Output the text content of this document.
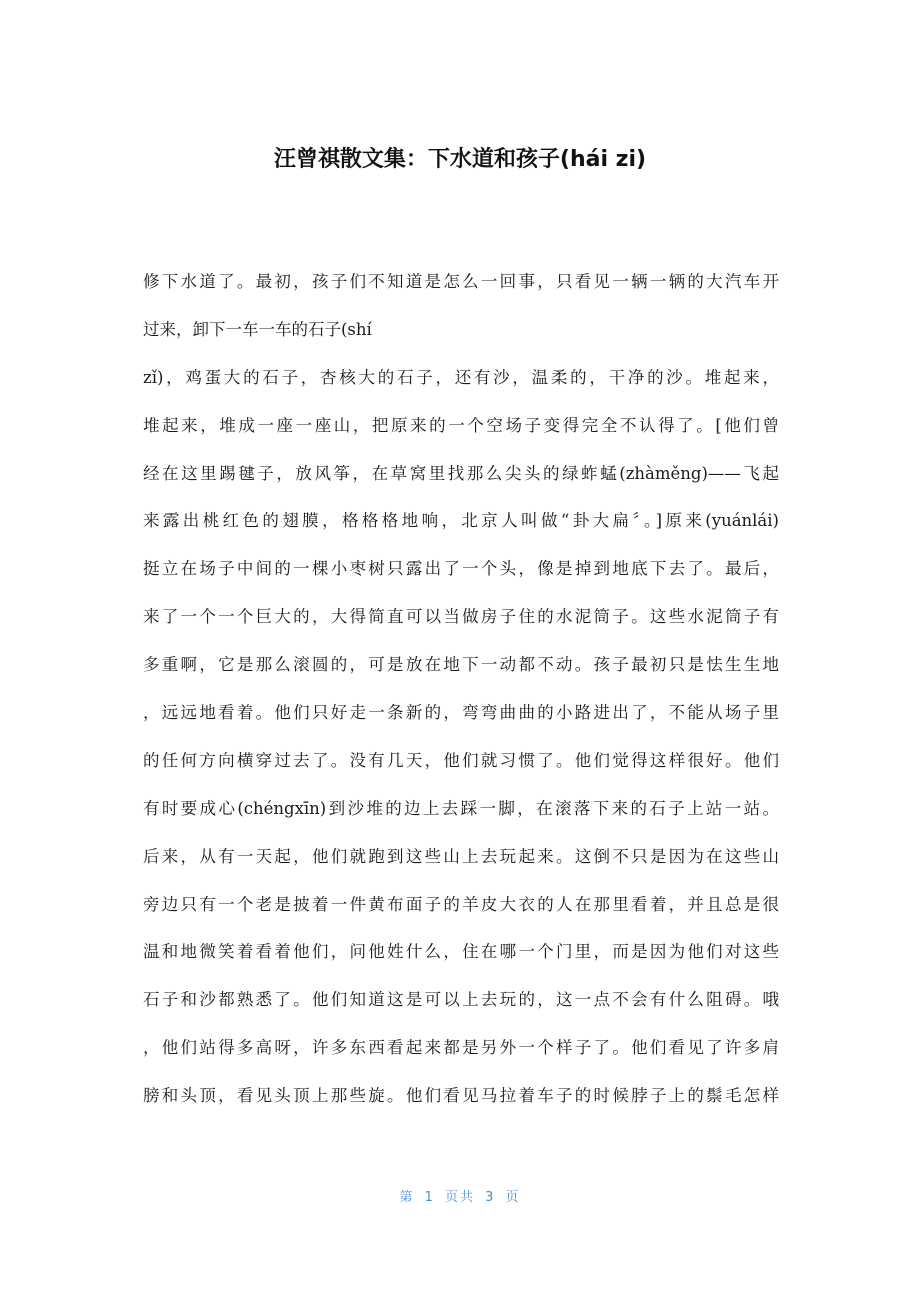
汪曾祺散文集：下水道和孩子(hái zi)
修下水道了。最初，孩子们不知道是怎么一回事，只看见一辆一辆的大汽车开
过来，卸下一车一车的石子(shí
zǐ)，鸡蛋大的石子，杏核大的石子，还有沙，温柔的，干净的沙。堆起来，
堆起来，堆成一座一座山，把原来的一个空场子变得完全不认得了。[他们曾
经在这里踢毽子，放风筝，在草窝里找那么尖头的绿蚱蜢(zhàměng)——飞起
来露出桃红色的翅膜，格格格地响，北京人叫做“卦大扁〞。]原来(yuánlái)
挺立在场子中间的一棵小枣树只露出了一个头，像是掉到地底下去了。最后，
来了一个一个巨大的，大得简直可以当做房子住的水泥筒子。这些水泥筒子有
多重啊，它是那么滚圆的，可是放在地下一动都不动。孩子最初只是怯生生地
，远远地看着。他们只好走一条新的，弯弯曲曲的小路进出了，不能从场子里
的任何方向横穿过去了。没有几天，他们就习惯了。他们觉得这样很好。他们
有时要成心(chéngxīn)到沙堆的边上去踩一脚，在滚落下来的石子上站一站。
后来，从有一天起，他们就跑到这些山上去玩起来。这倒不只是因为在这些山
旁边只有一个老是披着一件黄布面子的羊皮大衣的人在那里看着，并且总是很
温和地微笑着看着他们，问他姓什么，住在哪一个门里，而是因为他们对这些
石子和沙都熟悉了。他们知道这是可以上去玩的，这一点不会有什么阻碍。哦
，他们站得多高呀，许多东西看起来都是另外一个样子了。他们看见了许多肩
膀和头顶，看见头顶上那些旋。他们看见马拉着车子的时候脖子上的鬃毛怎样
第 1 页共 3 页
